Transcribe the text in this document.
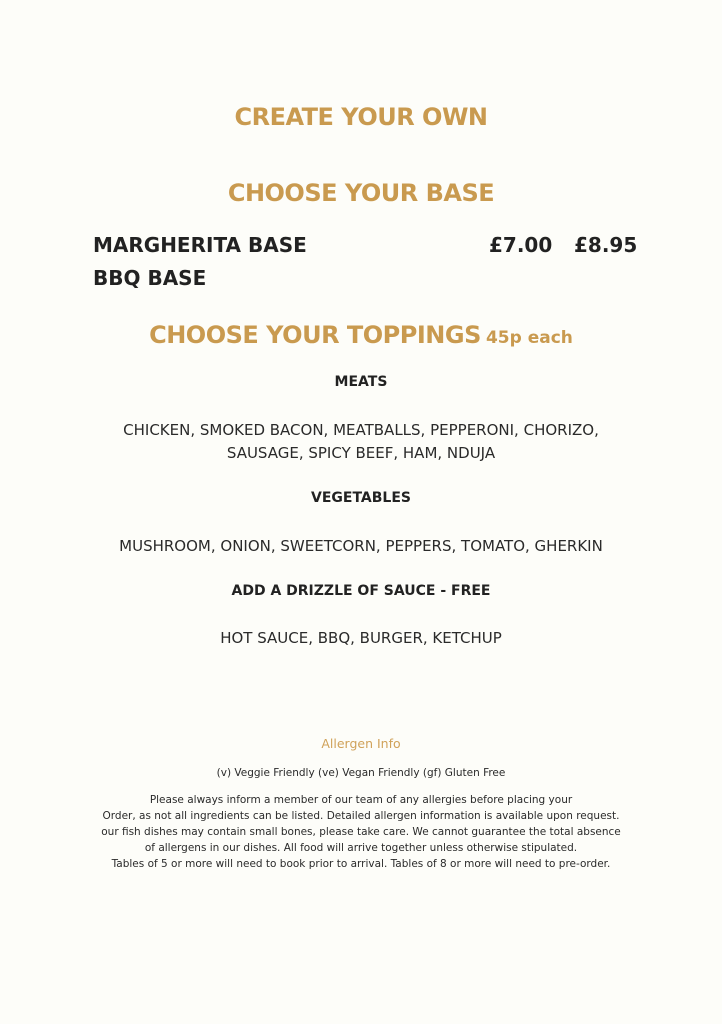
CREATE YOUR OWN
CHOOSE YOUR BASE
MARGHERITA BASE	£7.00 £8.95
BBQ BASE
CHOOSE YOUR TOPPINGS 45p each
MEATS
CHICKEN, SMOKED BACON, MEATBALLS, PEPPERONI, CHORIZO,
SAUSAGE, SPICY BEEF, HAM, NDUJA
VEGETABLES
MUSHROOM, ONION, SWEETCORN, PEPPERS, TOMATO, GHERKIN
ADD A DRIZZLE OF SAUCE - FREE
HOT SAUCE, BBQ, BURGER, KETCHUP
Allergen Info
(v) Veggie Friendly (ve) Vegan Friendly (gf) Gluten Free
Please always inform a member of our team of any allergies before placing your
Order, as not all ingredients can be listed. Detailed allergen information is available upon request.
our fish dishes may contain small bones, please take care. We cannot guarantee the total absence
of allergens in our dishes. All food will arrive together unless otherwise stipulated.
Tables of 5 or more will need to book prior to arrival. Tables of 8 or more will need to pre-order.
